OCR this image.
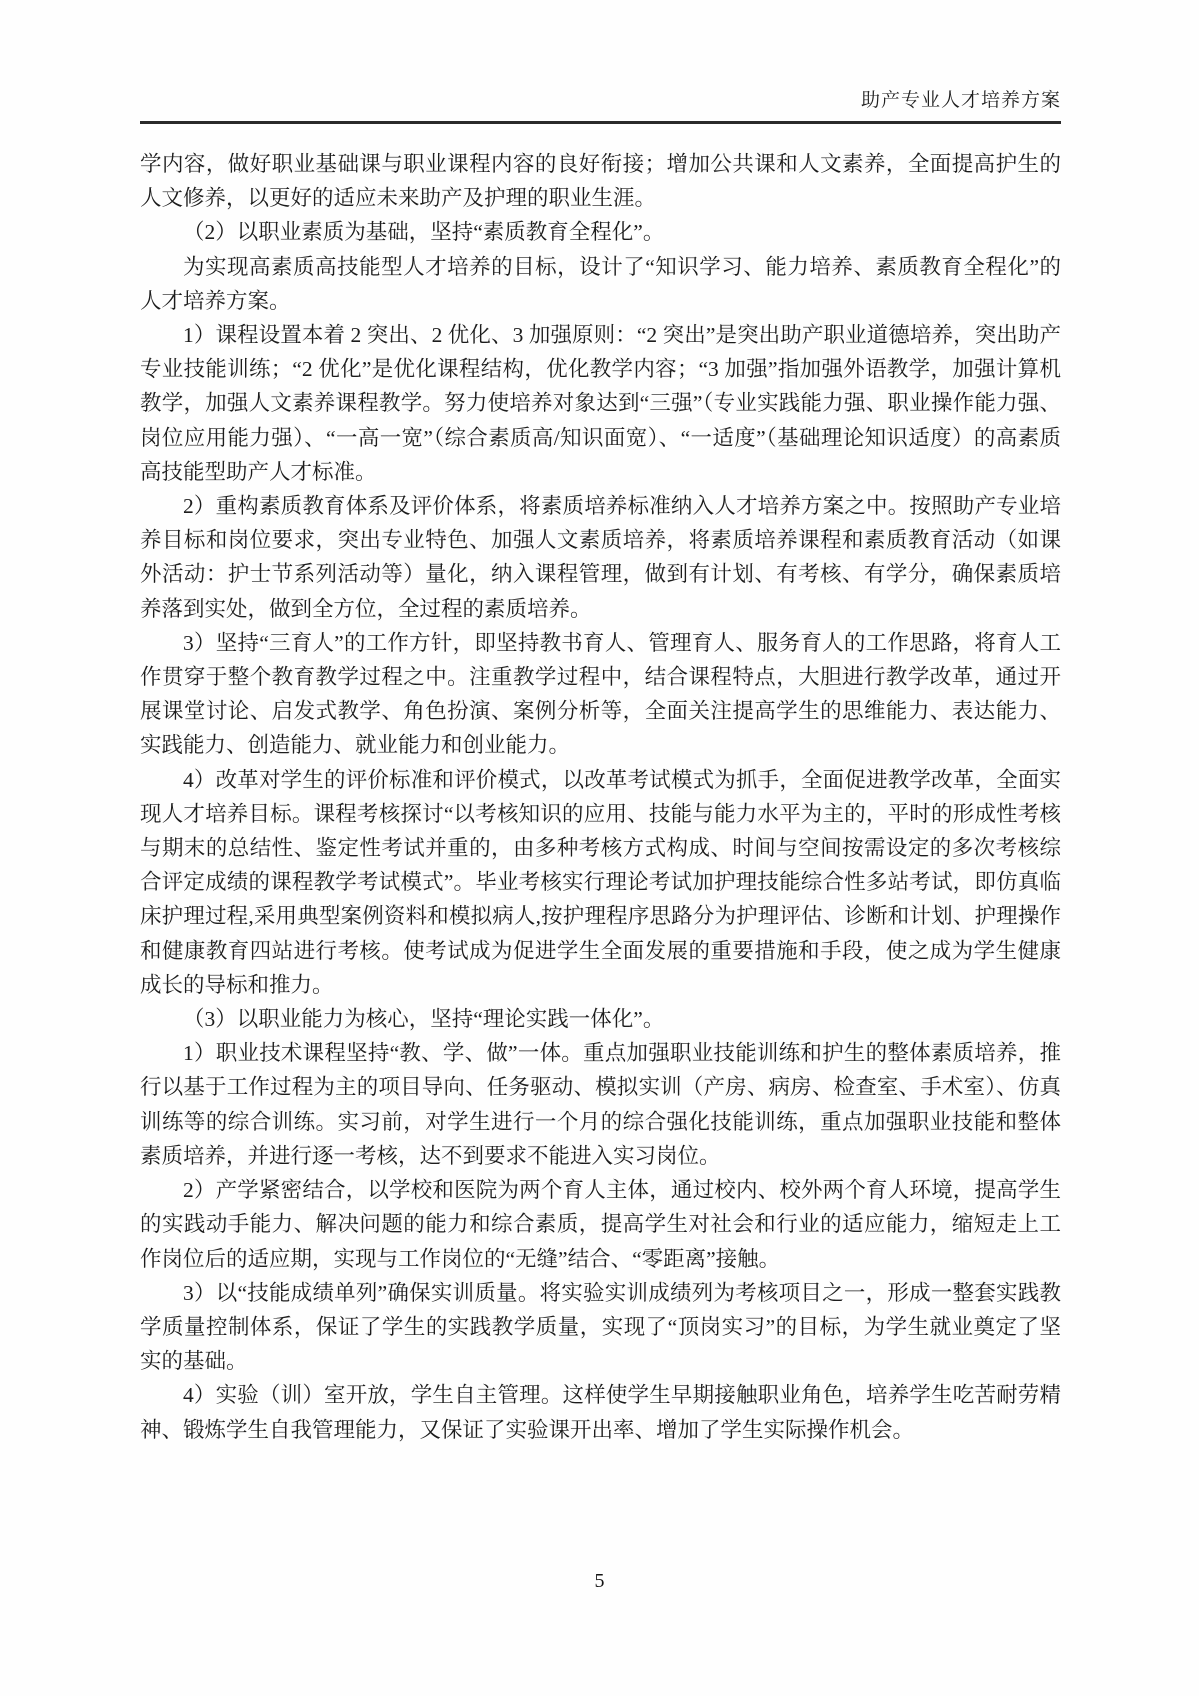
助产专业人才培养方案

学内容，做好职业基础课与职业课程内容的良好衔接；增加公共课和人文素养，全面提高护生的人文修养，以更好的适应未来助产及护理的职业生涯。

（2）以职业素质为基础，坚持“素质教育全程化”。

为实现高素质高技能型人才培养的目标，设计了“知识学习、能力培养、素质教育全程化”的人才培养方案。

1）课程设置本着 2 突出、2 优化、3 加强原则：“2 突出”是突出助产职业道德培养，突出助产专业技能训练；“2 优化”是优化课程结构，优化教学内容；“3 加强”指加强外语教学，加强计算机教学，加强人文素养课程教学。努力使培养对象达到“三强”（专业实践能力强、职业操作能力强、岗位应用能力强）、“一高一宽”（综合素质高/知识面宽）、“一适度”（基础理论知识适度）的高素质高技能型助产人才标准。

2）重构素质教育体系及评价体系，将素质培养标准纳入人才培养方案之中。按照助产专业培养目标和岗位要求，突出专业特色、加强人文素质培养，将素质培养课程和素质教育活动（如课外活动：护士节系列活动等）量化，纳入课程管理，做到有计划、有考核、有学分，确保素质培养落到实处，做到全方位，全过程的素质培养。

3）坚持“三育人”的工作方针，即坚持教书育人、管理育人、服务育人的工作思路，将育人工作贯穿于整个教育教学过程之中。注重教学过程中，结合课程特点，大胆进行教学改革，通过开展课堂讨论、启发式教学、角色扮演、案例分析等，全面关注提高学生的思维能力、表达能力、实践能力、创造能力、就业能力和创业能力。

4）改革对学生的评价标准和评价模式，以改革考试模式为抓手，全面促进教学改革，全面实现人才培养目标。课程考核探讨“以考核知识的应用、技能与能力水平为主的，平时的形成性考核与期末的总结性、鉴定性考试并重的，由多种考核方式构成、时间与空间按需设定的多次考核综合评定成绩的课程教学考试模式”。毕业考核实行理论考试加护理技能综合性多站考试，即仿真临床护理过程,采用典型案例资料和模拟病人,按护理程序思路分为护理评估、诊断和计划、护理操作和健康教育四站进行考核。使考试成为促进学生全面发展的重要措施和手段，使之成为学生健康成长的导标和推力。

（3）以职业能力为核心，坚持“理论实践一体化”。

1）职业技术课程坚持“教、学、做”一体。重点加强职业技能训练和护生的整体素质培养，推行以基于工作过程为主的项目导向、任务驱动、模拟实训（产房、病房、检查室、手术室）、仿真训练等的综合训练。实习前，对学生进行一个月的综合强化技能训练，重点加强职业技能和整体素质培养，并进行逐一考核，达不到要求不能进入实习岗位。

2）产学紧密结合，以学校和医院为两个育人主体，通过校内、校外两个育人环境，提高学生的实践动手能力、解决问题的能力和综合素质，提高学生对社会和行业的适应能力，缩短走上工作岗位后的适应期，实现与工作岗位的“无缝”结合、“零距离”接触。

3）以“技能成绩单列”确保实训质量。将实验实训成绩列为考核项目之一，形成一整套实践教学质量控制体系，保证了学生的实践教学质量，实现了“顶岗实习”的目标，为学生就业奠定了坚实的基础。

4）实验（训）室开放，学生自主管理。这样使学生早期接触职业角色，培养学生吃苦耐劳精神、锻炼学生自我管理能力，又保证了实验课开出率、增加了学生实际操作机会。

5
